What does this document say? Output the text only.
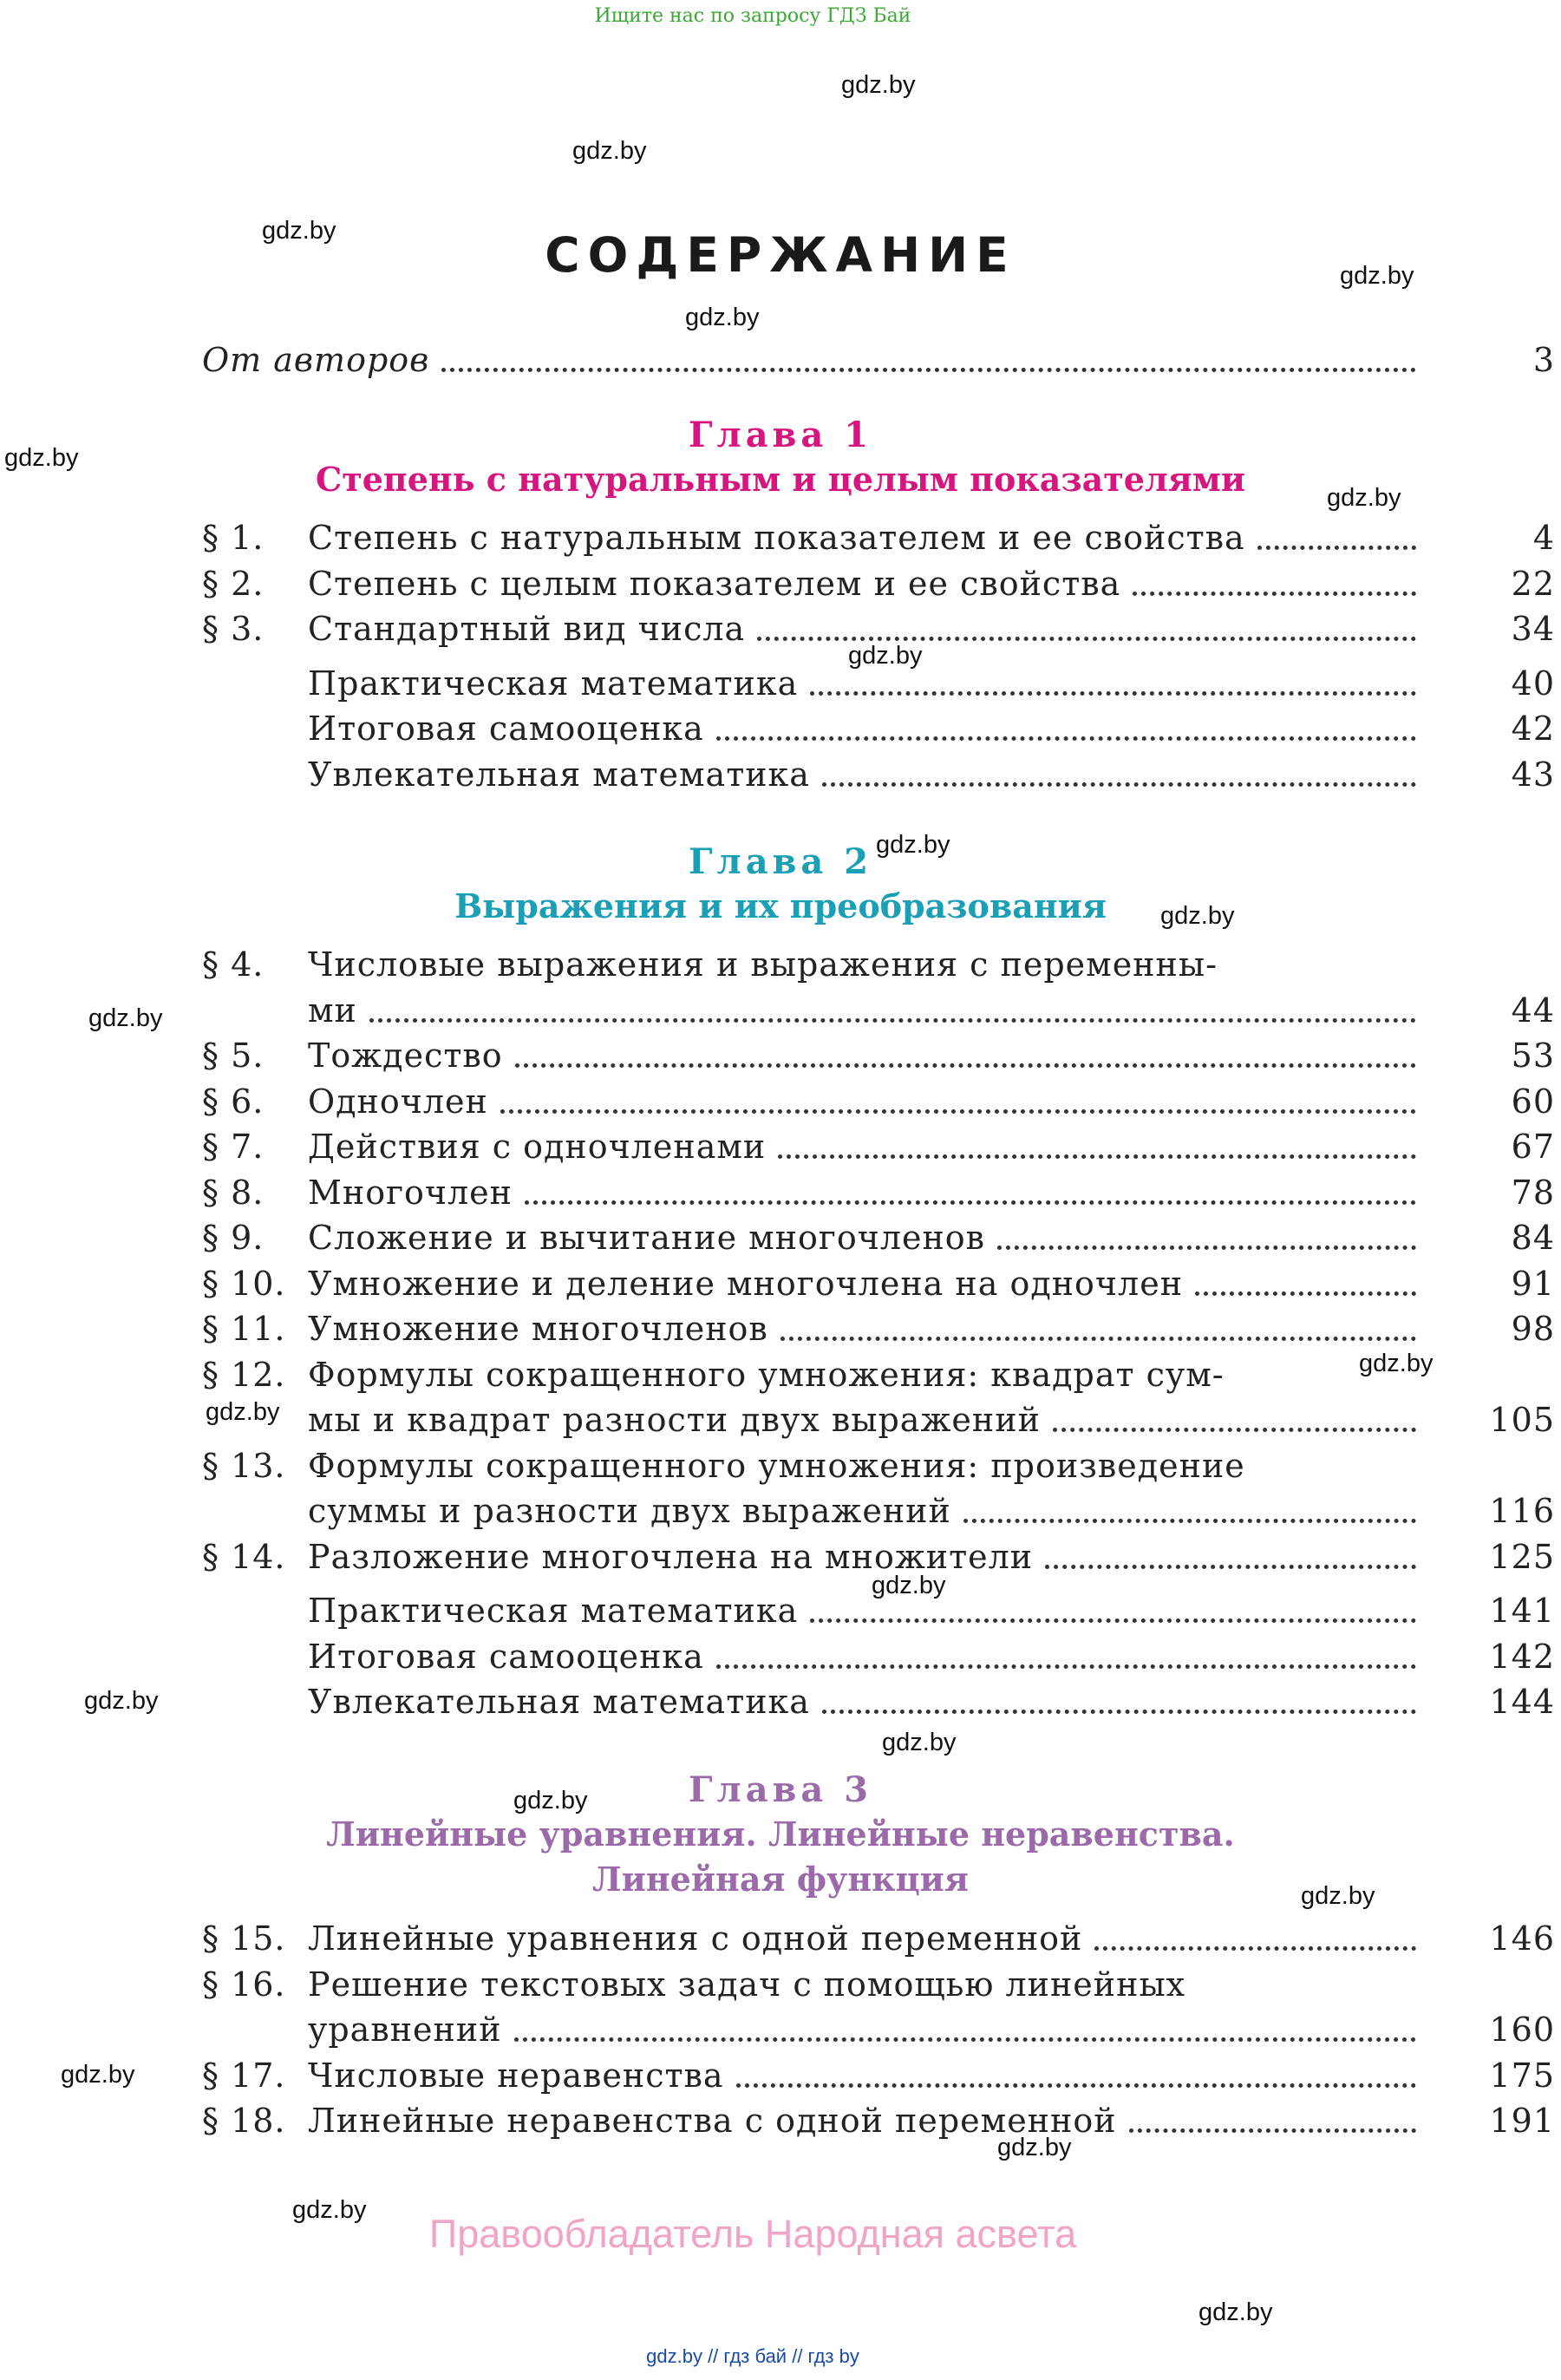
Ищите нас по запросу ГДЗ Бай
gdz.by
gdz.by
gdz.by
gdz.by
gdz.by
gdz.by
gdz.by
gdz.by
gdz.by
gdz.by
gdz.by
gdz.by
gdz.by
gdz.by
gdz.by
gdz.by
gdz.by
gdz.by
gdz.by
gdz.by
gdz.by
gdz.by
СОДЕРЖАНИЕ
От авторов	3
Глава 1
Степень с натуральным и целым показателями
§ 1. Степень с натуральным показателем и ее свойства	4
§ 2. Степень с целым показателем и ее свойства	22
§ 3. Стандартный вид числа	34
Практическая математика	40
Итоговая самооценка	42
Увлекательная математика	43
Глава 2
Выражения и их преобразования
§ 4. Числовые выражения и выражения с переменны-
ми	44
§ 5. Тождество	53
§ 6. Одночлен	60
§ 7. Действия с одночленами	67
§ 8. Многочлен	78
§ 9. Сложение и вычитание многочленов	84
§ 10. Умножение и деление многочлена на одночлен	91
§ 11. Умножение многочленов	98
§ 12. Формулы сокращенного умножения: квадрат сум-
мы и квадрат разности двух выражений	105
§ 13. Формулы сокращенного умножения: произведение
суммы и разности двух выражений	116
§ 14. Разложение многочлена на множители	125
Практическая математика	141
Итоговая самооценка	142
Увлекательная математика	144
Глава 3
Линейные уравнения. Линейные неравенства.
Линейная функция
§ 15. Линейные уравнения с одной переменной	146
§ 16. Решение текстовых задач с помощью линейных
уравнений	160
§ 17. Числовые неравенства	175
§ 18. Линейные неравенства с одной переменной	191
Правообладатель Народная асвета
gdz.by // гдз бай // гдз by
